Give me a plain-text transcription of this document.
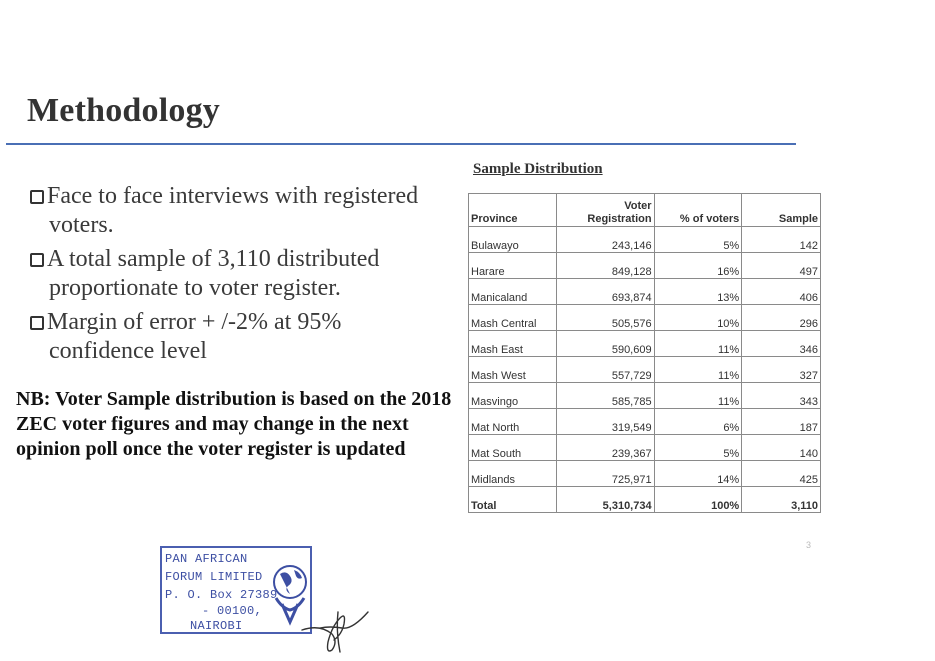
Methodology
Face to face interviews with registered voters.
A total sample of 3,110 distributed proportionate to voter register.
Margin of error + /-2% at 95% confidence level

NB: Voter Sample distribution is based on the 2018 ZEC voter figures and may change in the next opinion poll once the voter register is updated

Sample Distribution
Province	Voter Registration	% of voters	Sample
Bulawayo	243,146	5%	142
Harare	849,128	16%	497
Manicaland	693,874	13%	406
Mash Central	505,576	10%	296
Mash East	590,609	11%	346
Mash West	557,729	11%	327
Masvingo	585,785	11%	343
Mat North	319,549	6%	187
Mat South	239,367	5%	140
Midlands	725,971	14%	425
Total	5,310,734	100%	3,110
3
PAN AFRICAN
FORUM LIMITED
P. O. Box 27389
- 00100,
NAIROBI
